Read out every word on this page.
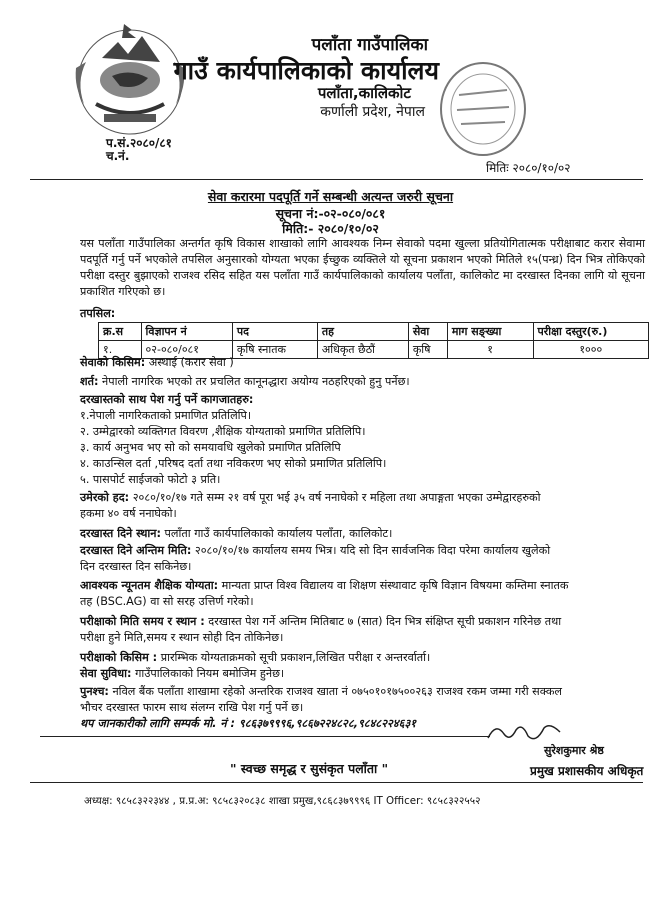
पलाँता गाउँपालिका
गाउँ कार्यपालिकाको कार्यालय
पलाँता,कालिकोट
कर्णाली प्रदेश, नेपाल
प.सं.२०८०/८१
च.नं.
मितिः २०८०/१०/०२
सेवा करारमा पदपूर्ति गर्ने सम्बन्धी अत्यन्त जरुरी सूचना
सूचना नं:-०२-०८०/०८१
मिति:- २०८०/१०/०२
यस पलाँता गाउँपालिका अन्तर्गत कृषि विकास शाखाको लागि आवश्यक निम्न सेवाको पदमा खुल्ला प्रतियोगितात्मक परीक्षाबाट करार सेवामा पदपूर्ति गर्नु पर्ने भएकोले तपसिल अनुसारको योग्यता भएका ईच्छुक व्यक्तिले यो सूचना प्रकाशन भएको मितिले १५(पन्ध्र) दिन भित्र तोकिएको परीक्षा दस्तुर बुझाएको राजश्व रसिद सहित यस पलाँता गाउँ कार्यपालिकाको कार्यालय पलाँता, कालिकोट मा दरखास्त दिनका लागि यो सूचना प्रकाशित गरिएको छ।
तपसिल:
क्र.स	विज्ञापन नं	पद	तह	सेवा	माग सङ्ख्या	परीक्षा दस्तुर(रु.)
१.	०२-०८०/०८१	कृषि स्नातक	अधिकृत छैठौं	कृषि	१	१०००
सेवाको किसिम: अस्थाई (करार सेवा )
शर्त: नेपाली नागरिक भएको तर प्रचलित कानूनद्धारा अयोग्य नठहरिएको हुनु पर्नेछ।
दरखास्तको साथ पेश गर्नु पर्ने कागजातहरु:
१.नेपाली नागरिकताको प्रमाणित प्रतिलिपि।
२. उम्मेद्वारको व्यक्तिगत विवरण ,शैक्षिक योग्यताको प्रमाणित प्रतिलिपि।
३. कार्य अनुभव भए सो को समयावधि खुलेको प्रमाणित प्रतिलिपि
४. काउन्सिल दर्ता ,परिषद दर्ता तथा नविकरण भए सोको प्रमाणित प्रतिलिपि।
५. पासपोर्ट साईजको फोटो ३ प्रति।
उमेरको हद: २०८०/१०/१७ गते सम्म २१ वर्ष पूरा भई ३५ वर्ष ननाघेको र महिला तथा अपाङ्गता भएका उम्मेद्वारहरुको
हकमा ४० वर्ष ननाघेको।
दरखास्त दिने स्थान: पलाँता गाउँ कार्यपालिकाको कार्यालय पलाँता, कालिकोट।
दरखास्त दिने अन्तिम मिति: २०८०/१०/१७ कार्यालय समय भित्र। यदि सो दिन सार्वजनिक विदा परेमा कार्यालय खुलेको
दिन दरखास्त दिन सकिनेछ।
आवश्यक न्यूनतम शैक्षिक योग्यता: मान्यता प्राप्त विश्व विद्यालय वा शिक्षण संस्थावाट कृषि विज्ञान विषयमा कम्तिमा स्नातक
तह (BSC.AG) वा सो सरह उत्तिर्ण गरेको।
परीक्षाको मिति समय र स्थान : दरखास्त पेश गर्ने अन्तिम मितिबाट ७ (सात) दिन भित्र संक्षिप्त सूची प्रकाशन गरिनेछ तथा
परीक्षा हुने मिति,समय र स्थान सोही दिन तोकिनेछ।
परीक्षाको किसिम : प्रारम्भिक योग्यताक्रमको सूची प्रकाशन,लिखित परीक्षा र अन्तरर्वार्ता।
सेवा सुविधा: गाउँपालिकाको नियम बमोजिम हुनेछ।
पुनश्च: नविल बैंक पलाँता शाखामा रहेको अन्तरिक राजश्व खाता नं ०७५०१०१७५००२६३ राजश्व रकम जम्मा गरी सक्कल
भौचर दरखास्त फारम साथ संलग्न राखि पेश गर्नु पर्ने छ।
थप जानकारीको लागि सम्पर्क मो. नं : ९८६३७९९९६,९८६७२२४८२८,९८४८२२४६३१
सुरेशकुमार श्रेष्ठ
प्रमुख प्रशासकीय अधिकृत
" स्वच्छ समृद्ध र सुसंकृत पलाँता "
अध्यक्ष: ९८५८३२२३४४ , प्र.प्र.अ: ९८५८३२०८३८ शाखा प्रमुख,९८६८३७९९९६ IT Officer: ९८५८३२२५५२
